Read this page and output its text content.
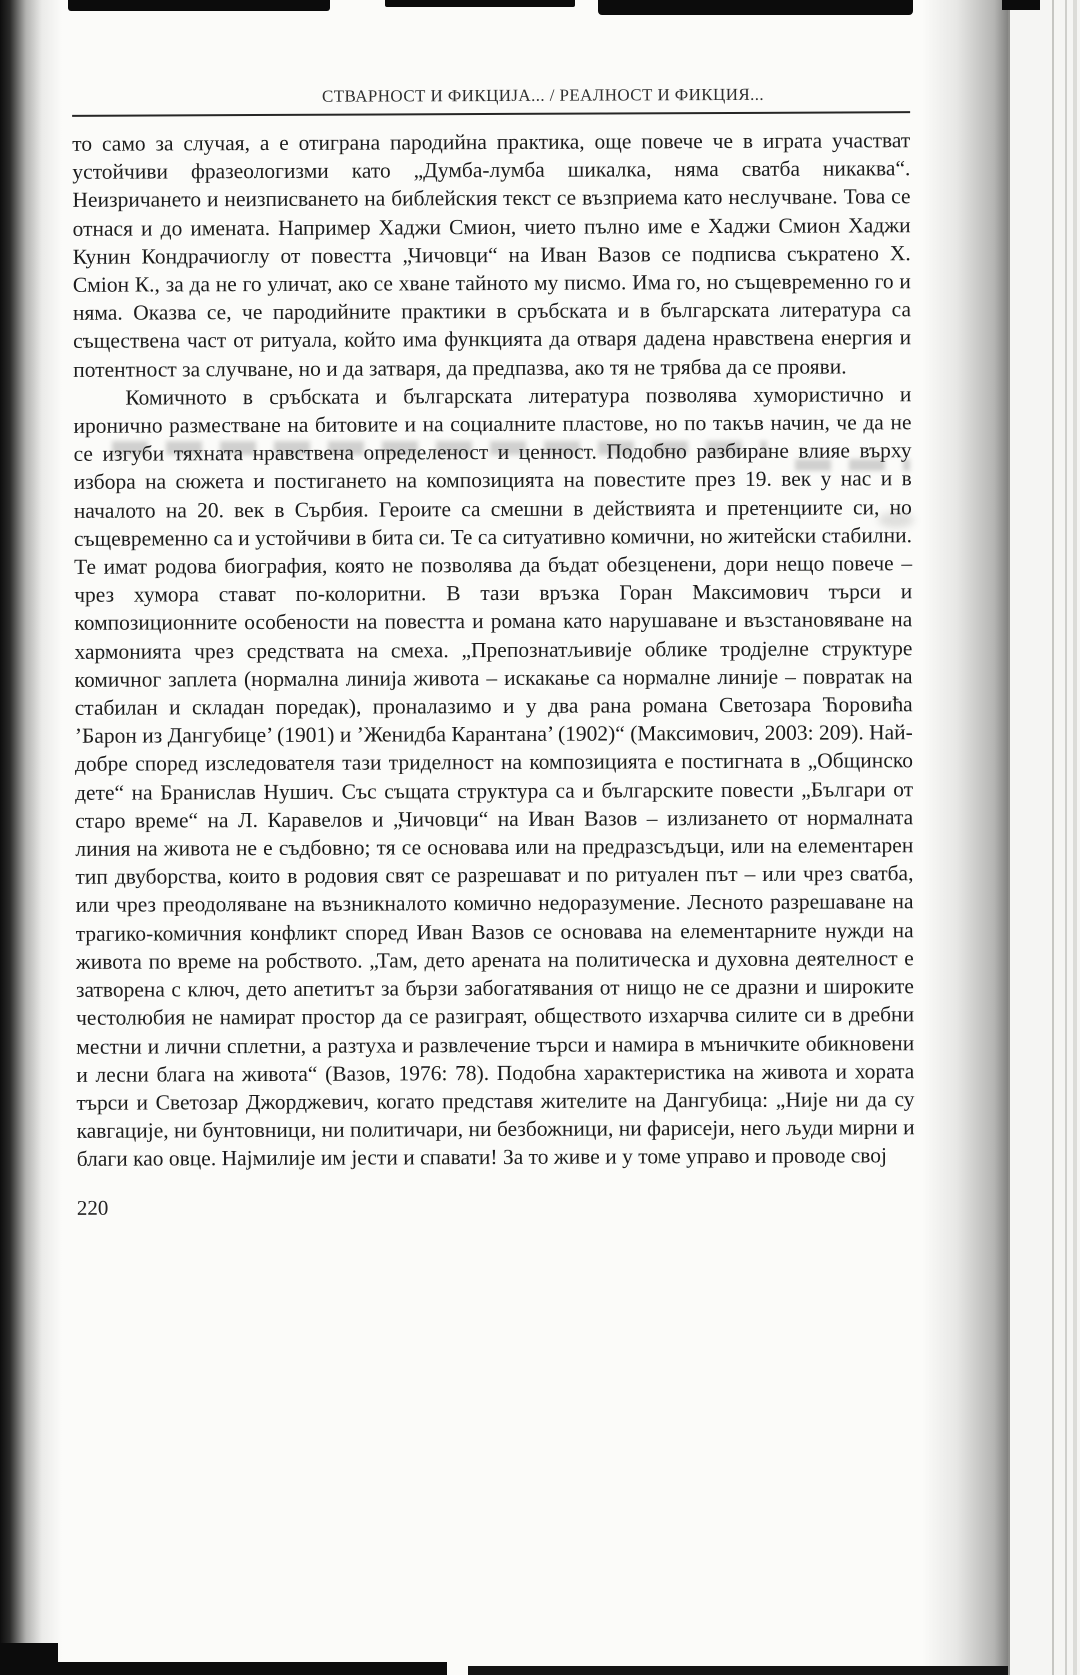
СТВАРНОСТ И ФИКЦИЈА... / РЕАЛНОСТ И ФИКЦИЯ...

то само за случая, а е отиграна пародийна практика, още повече че в играта участват устойчиви фразеологизми като „Думба-лумба шикалка, няма сватба никаква“. Неизричането и неизписването на библейския текст се възприема като неслучване. Това се отнася и до имената. Например Хаджи Смион, чието пълно име е Хаджи Смион Хаджи Кунин Кондрачиоглу от повестта „Чичовци“ на Иван Вазов се подписва съкратено Х. Сміон К., за да не го уличат, ако се хване тайното му писмо. Има го, но същевременно го и няма. Оказва се, че пародийните практики в сръбската и в българската литература са съществена част от ритуала, който има функцията да отваря дадена нравствена енергия и потентност за случване, но и да затваря, да предпазва, ако тя не трябва да се прояви.

Комичното в сръбската и българската литература позволява хумористично и иронично разместване на битовите и на социалните пластове, но по такъв начин, че да не се изгуби тяхната нравствена определеност и ценност. Подобно разбиране влияе върху избора на сюжета и постигането на композицията на повестите през 19. век у нас и в началото на 20. век в Сърбия. Героите са смешни в действията и претенциите си, но същевременно са и устойчиви в бита си. Те са ситуативно комични, но житейски стабилни. Те имат родова биография, която не позволява да бъдат обезценени, дори нещо повече – чрез хумора стават по-колоритни. В тази връзка Горан Максимович търси и композиционните особености на повестта и романа като нарушаване и възстановяване на хармонията чрез средствата на смеха. „Препознатљивије облике тродјелне структуре комичног заплета (нормална линија живота – искакање са нормалне линије – повратак на стабилан и складан поредак), проналазимо и у два рана романа Светозара Ћоровића ’Барон из Дангубице’ (1901) и ’Женидба Карантана’ (1902)“ (Максимович, 2003: 209). Най-добре според изследователя тази триделност на композицията е постигната в „Общинско дете“ на Бранислав Нушич. Със същата структура са и българските повести „Българи от старо време“ на Л. Каравелов и „Чичовци“ на Иван Вазов – излизането от нормалната линия на живота не е съдбовно; тя се основава или на предразсъдъци, или на елементарен тип двуборства, които в родовия свят се разрешават и по ритуален път – или чрез сватба, или чрез преодоляване на възникналото комично недоразумение. Лесното разрешаване на трагико-комичния конфликт според Иван Вазов се основава на елементарните нужди на живота по време на робството. „Там, дето арената на политическа и духовна деятелност е затворена с ключ, дето апетитът за бързи забогатявания от нищо не се дразни и широките честолюбия не намират простор да се разиграят, обществото изхарчва силите си в дребни местни и лични сплетни, а разтуха и развлечение търси и намира в мъничките обикновени и лесни блага на живота“ (Вазов, 1976: 78). Подобна характеристика на живота и хората търси и Светозар Джорджевич, когато представя жителите на Дангубица: „Није ни да су кавгације, ни бунтовници, ни политичари, ни безбожници, ни фарисеји, него људи мирни и благи као овце. Најмилије им јести и спавати! За то живе и у томе управо и проводе свој

220
